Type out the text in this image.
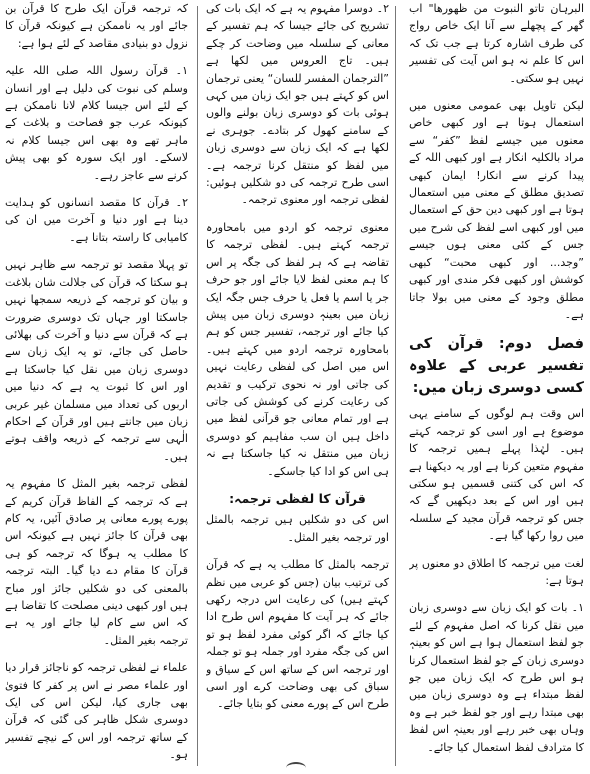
البرہان تاتو النبوت من ظهورها" اب گھر کے پچھلے سے آنا ایک خاص رواج کی طرف اشارہ کرتا ہے جب تک کہ اس کا علم نہ ہو اس آیت کی تفسیر نہیں ہو سکتی۔

لیکن تاویل بھی عمومی معنوں میں استعمال ہوتا ہے اور کبھی خاص معنوں میں جیسے لفظ ”کفر“ سے مراد بالکلیہ انکار ہے اور کبھی اللہ کے پیدا کرنے سے انکار! ایمان کبھی تصدیق مطلق کے معنی میں استعمال ہوتا ہے اور کبھی دین حق کے استعمال میں اور کبھی اسے لفظ کی شرح میں جس کے کئی معنی ہوں جیسے ”وجد... اور کبھی محبت“ کبھی کوشش اور کبھی فکر مندی اور کبھی مطلق وجود کے معنی میں بولا جاتا ہے۔

فصل دوم: قرآن کی تفسیر عربی کے علاوہ کسی دوسری زبان میں:

اس وقت ہم لوگوں کے سامنے یہی موضوع ہے اور اسی کو ترجمہ کہتے ہیں۔ لہٰذا پہلے ہمیں ترجمہ کا مفہوم متعین کرنا ہے اور یہ دیکھنا ہے کہ اس کی کتنی قسمیں ہو سکتی ہیں اور اس کے بعد دیکھیں گے کہ جس کو ترجمہ قرآن مجید کے سلسلہ میں روا رکھا گیا ہے۔

لغت میں ترجمہ کا اطلاق دو معنوں پر ہوتا ہے:

۱۔ بات کو ایک زبان سے دوسری زبان میں نقل کرنا کہ اصل مفہوم کے لئے جو لفظ استعمال ہوا ہے اس کو بعینہٖ دوسری زبان کے جو لفظ استعمال کرنا ہو اس طرح کہ ایک زبان میں جو لفظ مبتداء ہے وہ دوسری زبان میں بھی مبتدا رہے اور جو لفظ خبر ہے وہ وہاں بھی خبر رہے اور بعینہٖ اس لفظ کا مترادف لفظ استعمال کیا جائے۔

۲۔ دوسرا مفہوم یہ ہے کہ ایک بات کی تشریح کی جائے جیسا کہ ہم تفسیر کے معانی کے سلسلہ میں وضاحت کر چکے ہیں۔ تاج العروس میں لکھا ہے ”الترجمان المفسر للسان“ یعنی ترجمان اس کو کہتے ہیں جو ایک زبان میں کہی ہوئی بات کو دوسری زبان بولنے والوں کے سامنے کھول کر بتادے۔ جوہری نے لکھا ہے کہ ایک زبان سے دوسری زبان میں لفظ کو منتقل کرنا ترجمہ ہے۔ اسی طرح ترجمہ کی دو شکلیں ہوئیں: لفظی ترجمہ اور معنوی ترجمہ۔

معنوی ترجمہ کو اردو میں بامحاورہ ترجمہ کہتے ہیں۔ لفظی ترجمہ کا تقاضہ ہے کہ ہر لفظ کی جگہ پر اس کا ہم معنی لفظ لایا جائے اور جو حرف جر یا اسم یا فعل یا حرف جس جگہ ایک زبان میں بعینہٖ دوسری زبان میں پیش کیا جائے اور ترجمہ، تفسیر جس کو ہم بامحاورہ ترجمہ اردو میں کہتے ہیں۔ اس میں اصل کی لفظی رعایت نہیں کی جاتی اور نہ نحوی ترکیب و تقدیم کی رعایت کرنے کی کوشش کی جاتی ہے اور تمام معانی جو قرآنی لفظ میں داخل ہیں ان سب مفاہیم کو دوسری زبان میں منتقل نہ کیا جاسکتا ہے نہ ہی اس کو ادا کیا جاسکے۔

قرآن کا لفظی ترجمہ:

اس کی دو شکلیں ہیں ترجمہ بالمثل اور ترجمہ بغیر المثل۔

ترجمہ بالمثل کا مطلب یہ ہے کہ قرآن کی ترتیب بیان (جس کو عربی میں نظم کہتے ہیں) کی رعایت اس درجہ رکھی جائے کہ ہر آیت کا مفہوم اس طرح ادا کیا جائے کہ اگر کوئی مفرد لفظ ہو تو اس کی جگہ مفرد اور جملہ ہو تو جملہ اور ترجمہ اس کے ساتھ اس کے سیاق و سباق کی بھی وضاحت کرے اور اسی طرح اس کے پورے معنی کو بتایا جائے۔

کہ ترجمہ قرآن ایک طرح کا قرآن بن جائے اور یہ ناممکن ہے کیونکہ قرآن کا نزول دو بنیادی مقاصد کے لئے ہوا ہے:

۱۔ قرآن رسول اللہ صلی اللہ علیہ وسلم کی نبوت کی دلیل ہے اور انسان کے لئے اس جیسا کلام لانا ناممکن ہے کیونکہ عرب جو فصاحت و بلاغت کے ماہر تھے وہ بھی اس جیسا کلام نہ لاسکے۔ اور ایک سورہ کو بھی پیش کرنے سے عاجز رہے۔

۲۔ قرآن کا مقصد انسانوں کو ہدایت دینا ہے اور دنیا و آخرت میں ان کی کامیابی کا راستہ بتانا ہے۔

تو پہلا مقصد تو ترجمہ سے ظاہر نہیں ہو سکتا کہ قرآن کی جلالت شان بلاغت و بیان کو ترجمہ کے ذریعہ سمجھا نہیں جاسکتا اور جہاں تک دوسری ضرورت ہے کہ قرآن سے دنیا و آخرت کی بھلائی حاصل کی جائے، تو یہ ایک زبان سے دوسری زبان میں نقل کیا جاسکتا ہے اور اس کا ثبوت یہ ہے کہ دنیا میں اربوں کی تعداد میں مسلمان غیر عربی زبان میں جانتے ہیں اور قرآن کے احکام الٰہی سے ترجمہ کے ذریعہ واقف ہوتے ہیں۔

لفظی ترجمہ بغیر المثل کا مفہوم یہ ہے کہ ترجمہ کے الفاظ قرآن کریم کے پورے پورے معانی پر صادق آئیں، یہ کام بھی قرآن کا جائز نہیں ہے کیونکہ اس کا مطلب یہ ہوگا کہ ترجمہ کو ہی قرآن کا مقام دے دیا گیا۔ البتہ ترجمہ بالمعنی کی دو شکلیں جائز اور مباح ہیں اور کبھی دینی مصلحت کا تقاضا ہے کہ اس سے کام لیا جائے اور یہ ہے ترجمہ بغیر المثل۔

علماء نے لفظی ترجمہ کو ناجائز قرار دیا اور علماء مصر نے اس پر کفر کا فتویٰ بھی جاری کیا، لیکن اس کی ایک دوسری شکل ظاہر کی گئی کہ قرآن کے ساتھ ترجمہ اور اس کے نیچے تفسیر ہو۔
